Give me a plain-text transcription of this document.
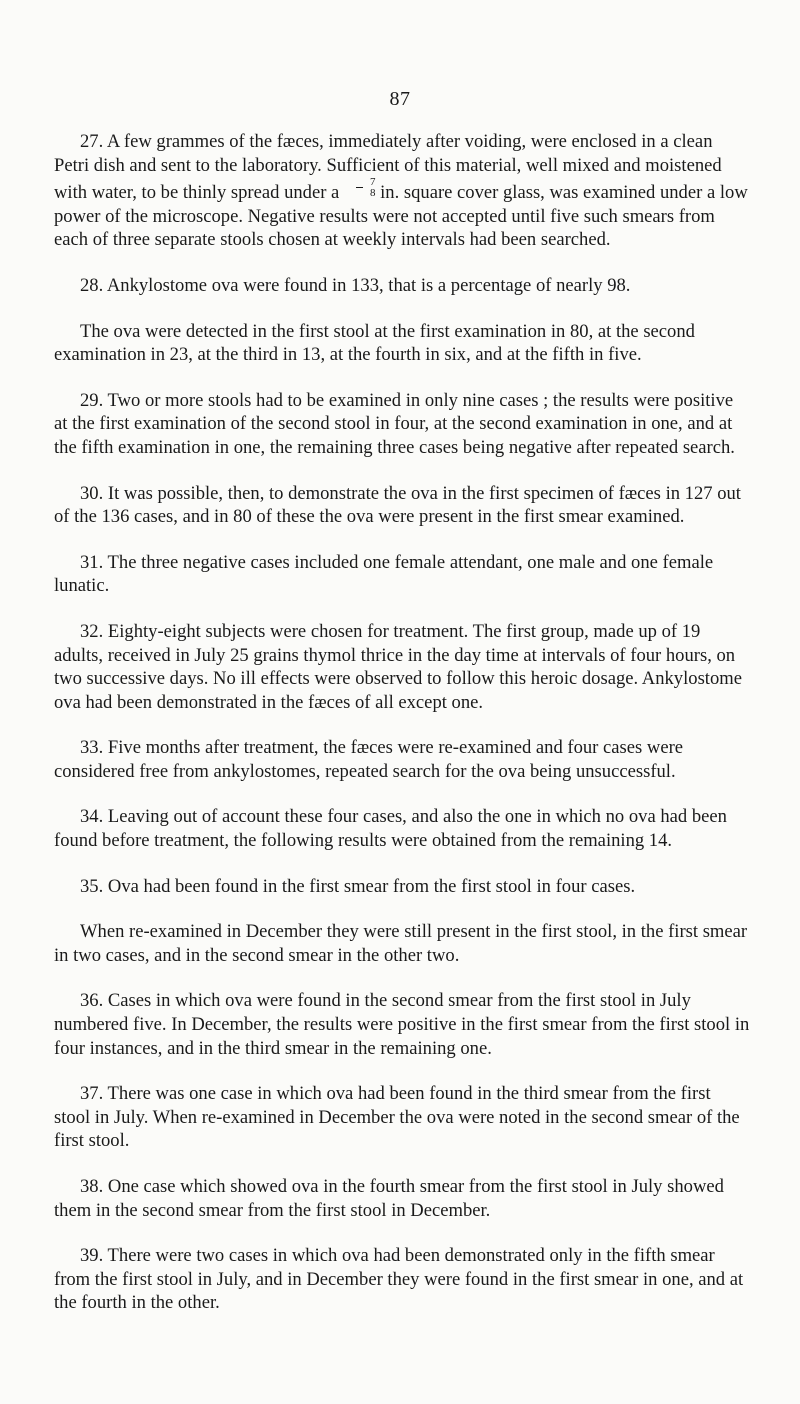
87

27. A few grammes of the fæces, immediately after voiding, were enclosed in a clean Petri dish and sent to the laboratory. Sufficient of this material, well mixed and moistened with water, to be thinly spread under a $\frac{7}{8}$ in. square cover glass, was examined under a low power of the microscope. Negative results were not accepted until five such smears from each of three separate stools chosen at weekly intervals had been searched.

28. Ankylostome ova were found in 133, that is a percentage of nearly 98.

The ova were detected in the first stool at the first examination in 80, at the second examination in 23, at the third in 13, at the fourth in six, and at the fifth in five.

29. Two or more stools had to be examined in only nine cases ; the results were positive at the first examination of the second stool in four, at the second examination in one, and at the fifth examination in one, the remaining three cases being negative after repeated search.

30. It was possible, then, to demonstrate the ova in the first specimen of fæces in 127 out of the 136 cases, and in 80 of these the ova were present in the first smear examined.

31. The three negative cases included one female attendant, one male and one female lunatic.

32. Eighty-eight subjects were chosen for treatment. The first group, made up of 19 adults, received in July 25 grains thymol thrice in the day time at intervals of four hours, on two successive days. No ill effects were observed to follow this heroic dosage. Ankylostome ova had been demonstrated in the fæces of all except one.

33. Five months after treatment, the fæces were re-examined and four cases were considered free from ankylostomes, repeated search for the ova being unsuccessful.

34. Leaving out of account these four cases, and also the one in which no ova had been found before treatment, the following results were obtained from the remaining 14.

35. Ova had been found in the first smear from the first stool in four cases.

When re-examined in December they were still present in the first stool, in the first smear in two cases, and in the second smear in the other two.

36. Cases in which ova were found in the second smear from the first stool in July numbered five. In December, the results were positive in the first smear from the first stool in four instances, and in the third smear in the remaining one.

37. There was one case in which ova had been found in the third smear from the first stool in July. When re-examined in December the ova were noted in the second smear of the first stool.

38. One case which showed ova in the fourth smear from the first stool in July showed them in the second smear from the first stool in December.

39. There were two cases in which ova had been demonstrated only in the fifth smear from the first stool in July, and in December they were found in the first smear in one, and at the fourth in the other.
